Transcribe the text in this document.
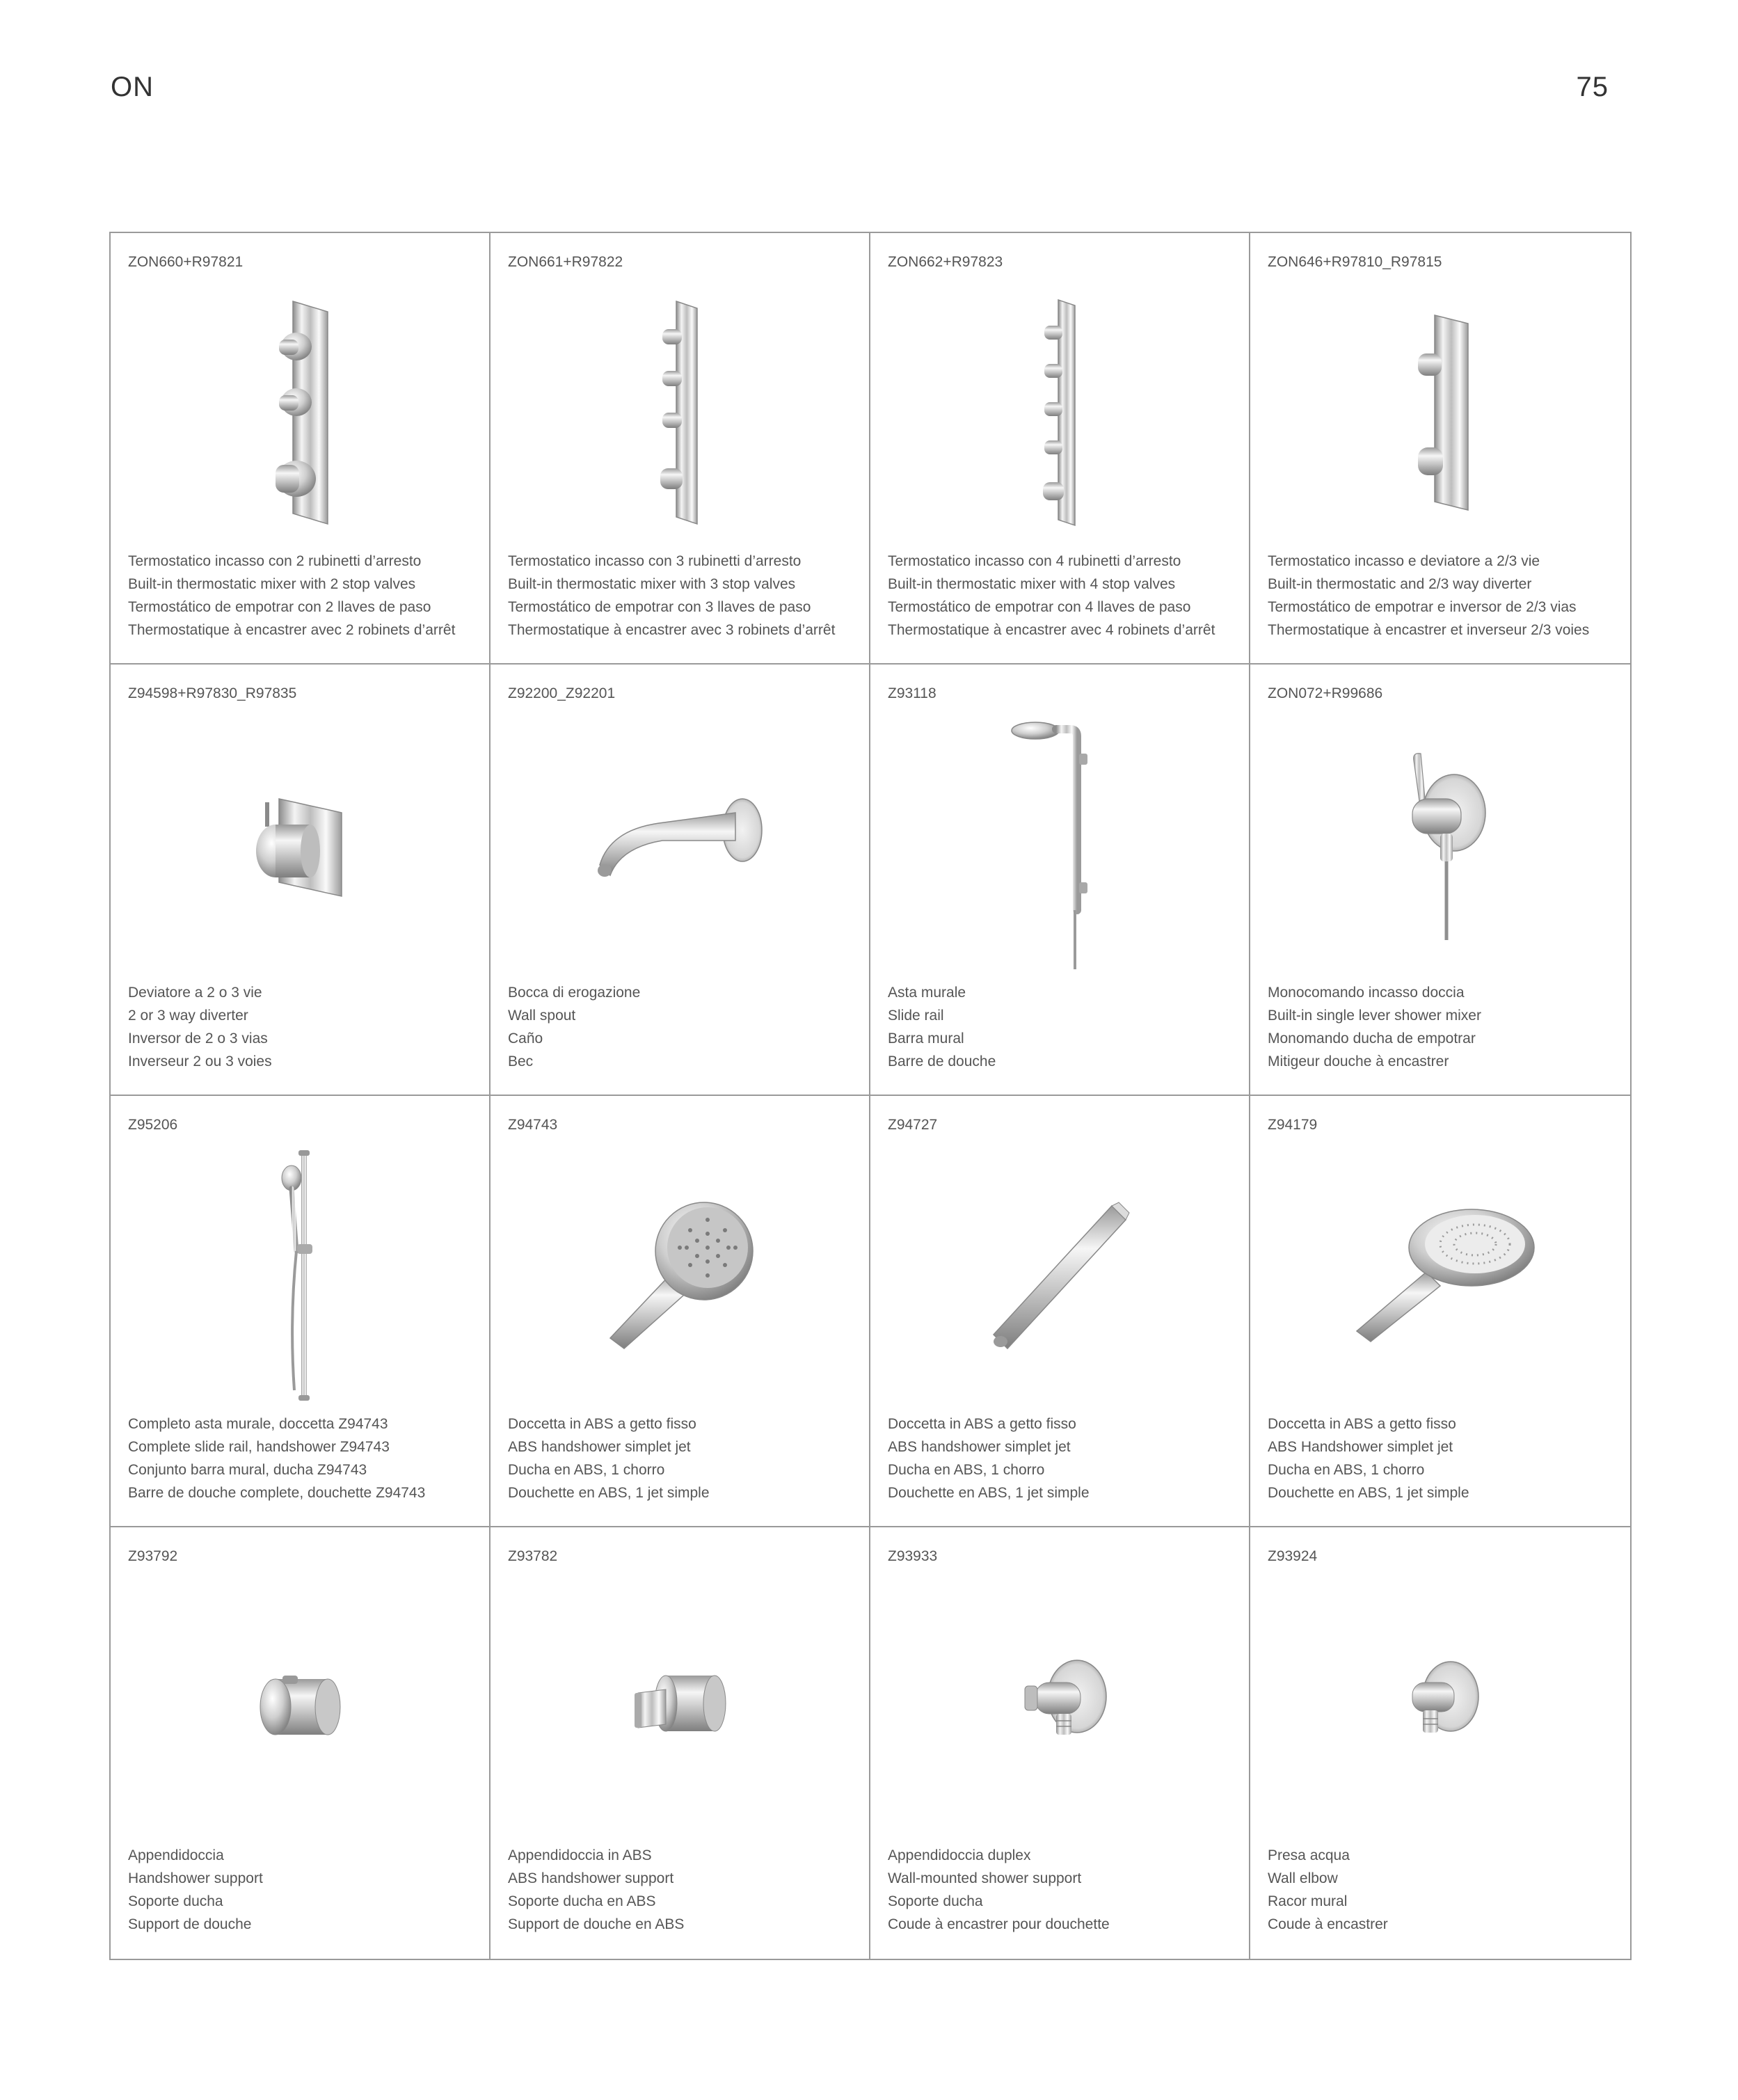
ON	75
ZON660+R97821
Termostatico incasso con 2 rubinetti d’arresto
Built-in thermostatic mixer with 2 stop valves
Termostático de empotrar con 2 llaves de paso
Thermostatique à encastrer avec 2 robinets d’arrêt
ZON661+R97822
Termostatico incasso con 3 rubinetti d’arresto
Built-in thermostatic mixer with 3 stop valves
Termostático de empotrar con 3 llaves de paso
Thermostatique à encastrer avec 3 robinets d’arrêt
ZON662+R97823
Termostatico incasso con 4 rubinetti d’arresto
Built-in thermostatic mixer with 4 stop valves
Termostático de empotrar con 4 llaves de paso
Thermostatique à encastrer avec 4 robinets d’arrêt
ZON646+R97810_R97815
Termostatico incasso e deviatore a 2/3 vie
Built-in thermostatic and 2/3 way diverter
Termostático de empotrar e inversor de 2/3 vias
Thermostatique à encastrer et inverseur 2/3 voies
Z94598+R97830_R97835
Deviatore a 2 o 3 vie
2 or 3 way diverter
Inversor de 2 o 3 vias
Inverseur 2 ou 3 voies
Z92200_Z92201
Bocca di erogazione
Wall spout
Caño
Bec
Z93118
Asta murale
Slide rail
Barra mural
Barre de douche
ZON072+R99686
Monocomando incasso doccia
Built-in single lever shower mixer
Monomando ducha de empotrar
Mitigeur douche à encastrer
Z95206
Completo asta murale, doccetta Z94743
Complete slide rail, handshower Z94743
Conjunto barra mural, ducha Z94743
Barre de douche complete, douchette Z94743
Z94743
Doccetta in ABS a getto fisso
ABS handshower simplet jet
Ducha en ABS, 1 chorro
Douchette en ABS, 1 jet simple
Z94727
Doccetta in ABS a getto fisso
ABS handshower simplet jet
Ducha en ABS, 1 chorro
Douchette en ABS, 1 jet simple
Z94179
Doccetta in ABS a getto fisso
ABS Handshower simplet jet
Ducha en ABS, 1 chorro
Douchette en ABS, 1 jet simple
Z93792
Appendidoccia
Handshower support
Soporte ducha
Support de douche
Z93782
Appendidoccia in ABS
ABS handshower support
Soporte ducha en ABS
Support de douche en ABS
Z93933
Appendidoccia duplex
Wall-mounted shower support
Soporte ducha
Coude à encastrer pour douchette
Z93924
Presa acqua
Wall elbow
Racor mural
Coude à encastrer
